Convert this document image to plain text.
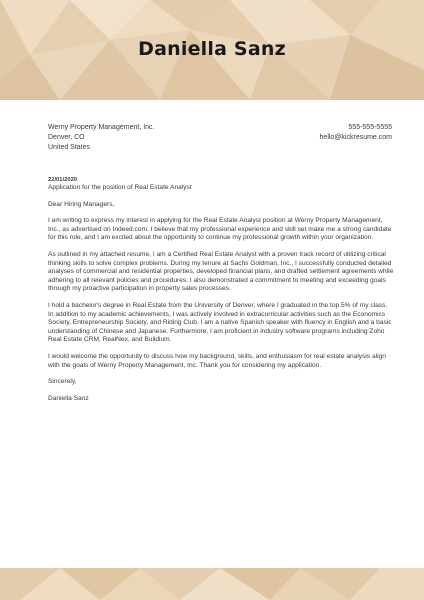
Daniella Sanz
Werny Property Management, Inc.
Denver, CO
United States
555-555-5555
hello@kickresume.com
22/01/2020
Application for the position of Real Estate Analyst

Dear Hiring Managers,

I am writing to express my interest in applying for the Real Estate Analyst position at Werny Property Management, Inc., as advertised on Indeed.com. I believe that my professional experience and skill set make me a strong candidate for this role, and I am excited about the opportunity to continue my professional growth within your organization.

As outlined in my attached resume, I am a Certified Real Estate Analyst with a proven track record of utilizing critical thinking skills to solve complex problems. During my tenure at Sachs Goldman, Inc., I successfully conducted detailed analyses of commercial and residential properties, developed financial plans, and drafted settlement agreements while adhering to all relevant policies and procedures. I also demonstrated a commitment to meeting and exceeding goals through my proactive participation in property sales processes.

I hold a bachelor's degree in Real Estate from the University of Denver, where I graduated in the top 5% of my class. In addition to my academic achievements, I was actively involved in extracurricular activities such as the Economics Society, Entrepreneurship Society, and Riding Club. I am a native Spanish speaker with fluency in English and a basic understanding of Chinese and Japanese. Furthermore, I am proficient in industry software programs including Zoho Real Estate CRM, RealNex, and Buildium.

I would welcome the opportunity to discuss how my background, skills, and enthusiasm for real estate analysis align with the goals of Werny Property Management, Inc. Thank you for considering my application.

Sincerely,

Daniella Sanz
